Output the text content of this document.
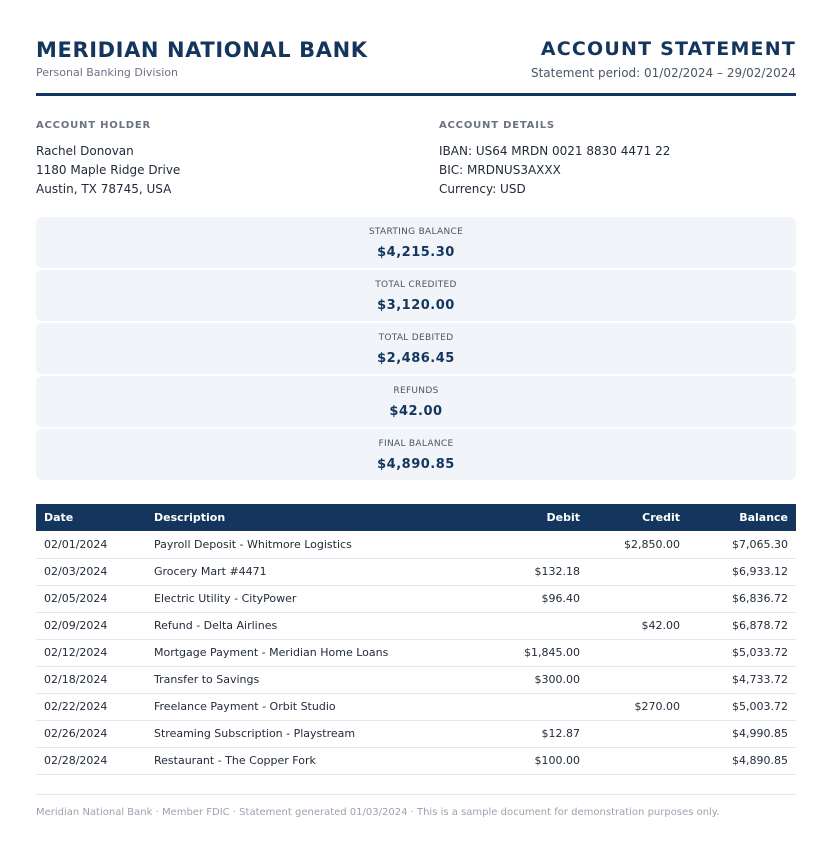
MERIDIAN NATIONAL BANK
Personal Banking Division
ACCOUNT STATEMENT
Statement period: 01/02/2024 – 29/02/2024
ACCOUNT HOLDER
Rachel Donovan
1180 Maple Ridge Drive
Austin, TX 78745, USA
ACCOUNT DETAILS
IBAN: US64 MRDN 0021 8830 4471 22
BIC: MRDNUS3AXXX
Currency: USD
STARTING BALANCE
$4,215.30
TOTAL CREDITED
$3,120.00
TOTAL DEBITED
$2,486.45
REFUNDS
$42.00
FINAL BALANCE
$4,890.85
Date	Description	Debit	Credit	Balance
02/01/2024	Payroll Deposit - Whitmore Logistics		$2,850.00	$7,065.30
02/03/2024	Grocery Mart #4471	$132.18		$6,933.12
02/05/2024	Electric Utility - CityPower	$96.40		$6,836.72
02/09/2024	Refund - Delta Airlines		$42.00	$6,878.72
02/12/2024	Mortgage Payment - Meridian Home Loans	$1,845.00		$5,033.72
02/18/2024	Transfer to Savings	$300.00		$4,733.72
02/22/2024	Freelance Payment - Orbit Studio		$270.00	$5,003.72
02/26/2024	Streaming Subscription - Playstream	$12.87		$4,990.85
02/28/2024	Restaurant - The Copper Fork	$100.00		$4,890.85
Meridian National Bank · Member FDIC · Statement generated 01/03/2024 · This is a sample document for demonstration purposes only.
